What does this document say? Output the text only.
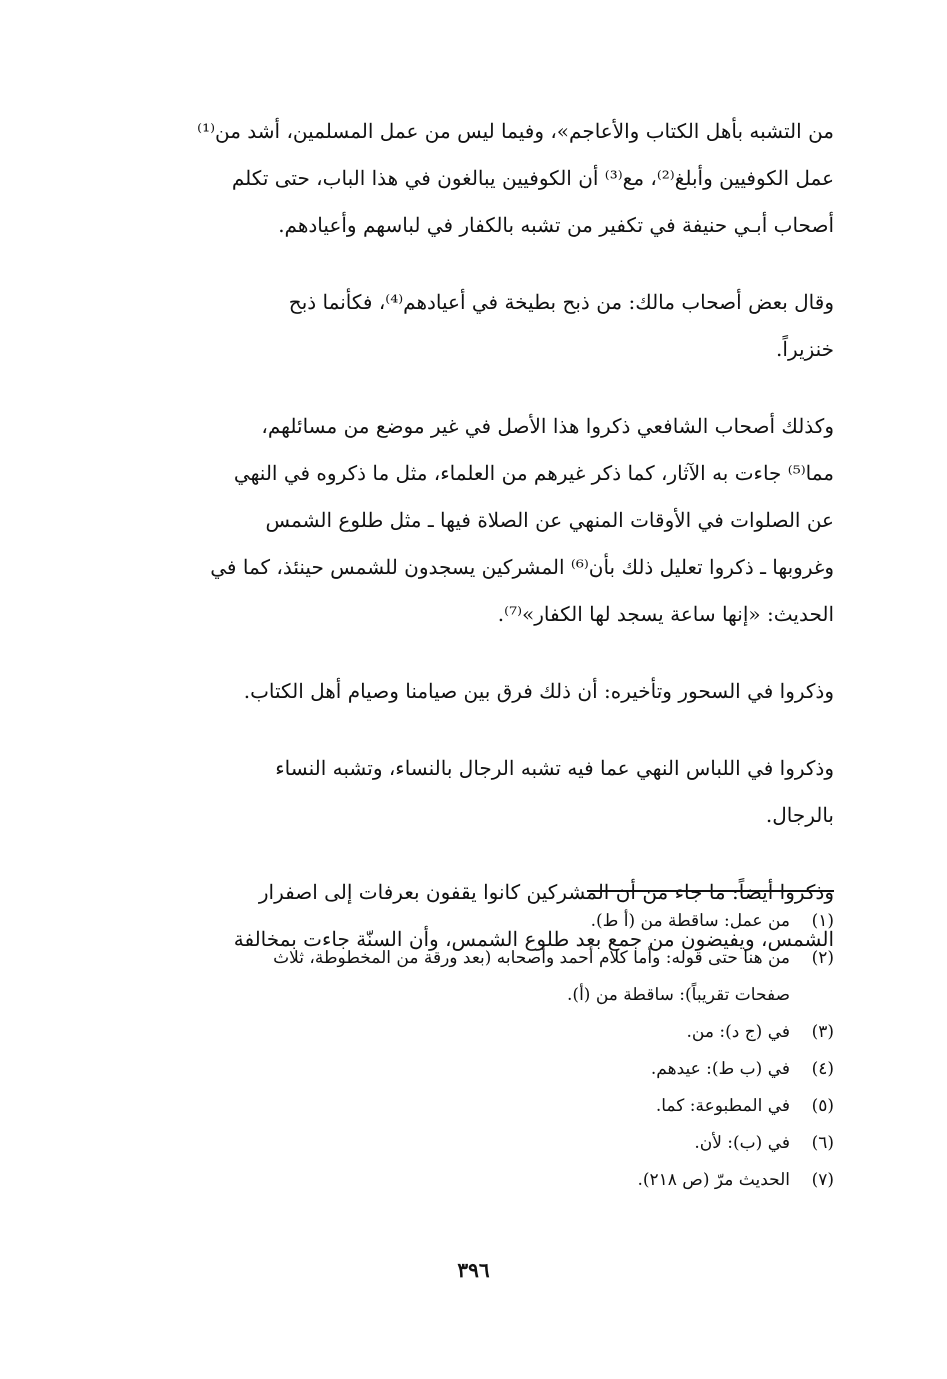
من التشبه بأهل الكتاب والأعاجم»، وفيما ليس من عمل المسلمين، أشد من⁽¹⁾
عمل الكوفيين وأبلغ⁽²⁾، مع⁽³⁾ أن الكوفيين يبالغون في هذا الباب، حتى تكلم
أصحاب أبـي حنيفة في تكفير من تشبه بالكفار في لباسهم وأعيادهم.

وقال بعض أصحاب مالك: من ذبح بطيخة في أعيادهم⁽⁴⁾، فكأنما ذبح
خنزيراً.

وكذلك أصحاب الشافعي ذكروا هذا الأصل في غير موضع من مسائلهم،
مما⁽⁵⁾ جاءت به الآثار، كما ذكر غيرهم من العلماء، مثل ما ذكروه في النهي
عن الصلوات في الأوقات المنهي عن الصلاة فيها ـ مثل طلوع الشمس
وغروبها ـ ذكروا تعليل ذلك بأن⁽⁶⁾ المشركين يسجدون للشمس حينئذ، كما في
الحديث: «إنها ساعة يسجد لها الكفار»⁽⁷⁾.

وذكروا في السحور وتأخيره: أن ذلك فرق بين صيامنا وصيام أهل الكتاب.

وذكروا في اللباس النهي عما فيه تشبه الرجال بالنساء، وتشبه النساء
بالرجال.

وذكروا أيضاً: ما جاء من أن المشركين كانوا يقفون بعرفات إلى اصفرار
الشمس، ويفيضون من جمع بعد طلوع الشمس، وأن السنّة جاءت بمخالفة

(١)من عمل: ساقطة من (أ ط).
(٢)من هنا حتى قوله: وأما كلام أحمد وأصحابه (بعد ورقة من المخطوطة، ثلاث
صفحات تقريباً): ساقطة من (أ).
(٣)في (ج د): من.
(٤)في (ب ط): عيدهم.
(٥)في المطبوعة: كما.
(٦)في (ب): لأن.
(٧)الحديث مرّ (ص ٢١٨).
٣٩٦
